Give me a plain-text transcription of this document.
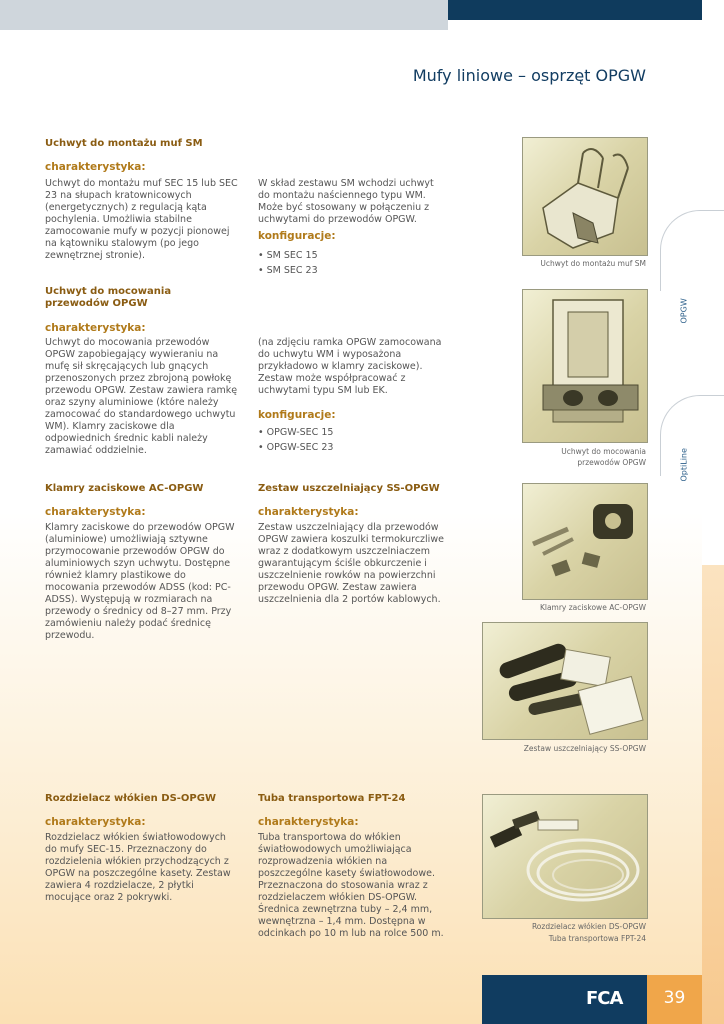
OPGW
OptiLine
Mufy liniowe – osprzęt OPGW
Uchwyt do montażu muf SM
charakterystyka:
Uchwyt do montażu muf SEC 15 lub SEC 23 na słupach kratownicowych (energetycznych) z regulacją kąta pochylenia. Umożliwia stabilne zamocowanie mufy w pozycji pionowej na kątowniku stalowym (po jego zewnętrznej stronie).
W skład zestawu SM wchodzi uchwyt do montażu naściennego typu WM. Może być stosowany w połączeniu z uchwytami do przewodów OPGW.
konfiguracje:
• SM SEC 15
• SM SEC 23
Uchwyt do montażu muf SM
Uchwyt do mocowania
przewodów OPGW
charakterystyka:
Uchwyt do mocowania przewodów OPGW zapobiegający wywieraniu na mufę sił skręcających lub gnących przenoszonych przez zbrojoną powłokę przewodu OPGW. Zestaw zawiera ramkę oraz szyny aluminiowe (które należy zamocować do standardowego uchwytu WM). Klamry zaciskowe dla odpowiednich średnic kabli należy zamawiać oddzielnie.
(na zdjęciu ramka OPGW zamocowana do uchwytu WM i wyposażona przykładowo w klamry zaciskowe). Zestaw może współpracować z uchwytami typu SM lub EK.
konfiguracje:
• OPGW-SEC 15
• OPGW-SEC 23	Uchwyt do mocowania
przewodów OPGW
Klamry zaciskowe AC-OPGW
charakterystyka:
Klamry zaciskowe do przewodów OPGW (aluminiowe) umożliwiają sztywne przymocowanie przewodów OPGW do aluminiowych szyn uchwytu. Dostępne również klamry plastikowe do mocowania przewodów ADSS (kod: PC-ADSS). Występują w rozmiarach na przewody o średnicy od 8–27 mm. Przy zamówieniu należy podać średnicę przewodu.
Klamry zaciskowe AC-OPGW
Zestaw uszczelniający SS-OPGW
charakterystyka:
Zestaw uszczelniający dla przewodów OPGW zawiera koszulki termokurczliwe wraz z dodatkowym uszczelniaczem gwarantującym ściśle obkurczenie i uszczelnienie rowków na powierzchni przewodu OPGW. Zestaw zawiera uszczelnienia dla 2 portów kablowych.
Zestaw uszczelniający SS-OPGW
Rozdzielacz włókien DS-OPGW
charakterystyka:
Rozdzielacz włókien światłowodowych do mufy SEC-15. Przeznaczony do rozdzielenia włókien przychodzących z OPGW na poszczególne kasety. Zestaw zawiera 4 rozdzielacze, 2 płytki mocujące oraz 2 pokrywki.
Tuba transportowa FPT-24
charakterystyka:
Tuba transportowa do włókien światłowodowych umożliwiająca rozprowadzenia włókien na poszczególne kasety światłowodowe. Przeznaczona do stosowania wraz z rozdzielaczem włókien DS-OPGW. Średnica zewnętrzna tuby – 2,4 mm, wewnętrzna – 1,4 mm. Dostępna w odcinkach po 10 m lub na rolce 500 m.
Rozdzielacz włókien DS-OPGW
Tuba transportowa FPT-24
FCA	39
